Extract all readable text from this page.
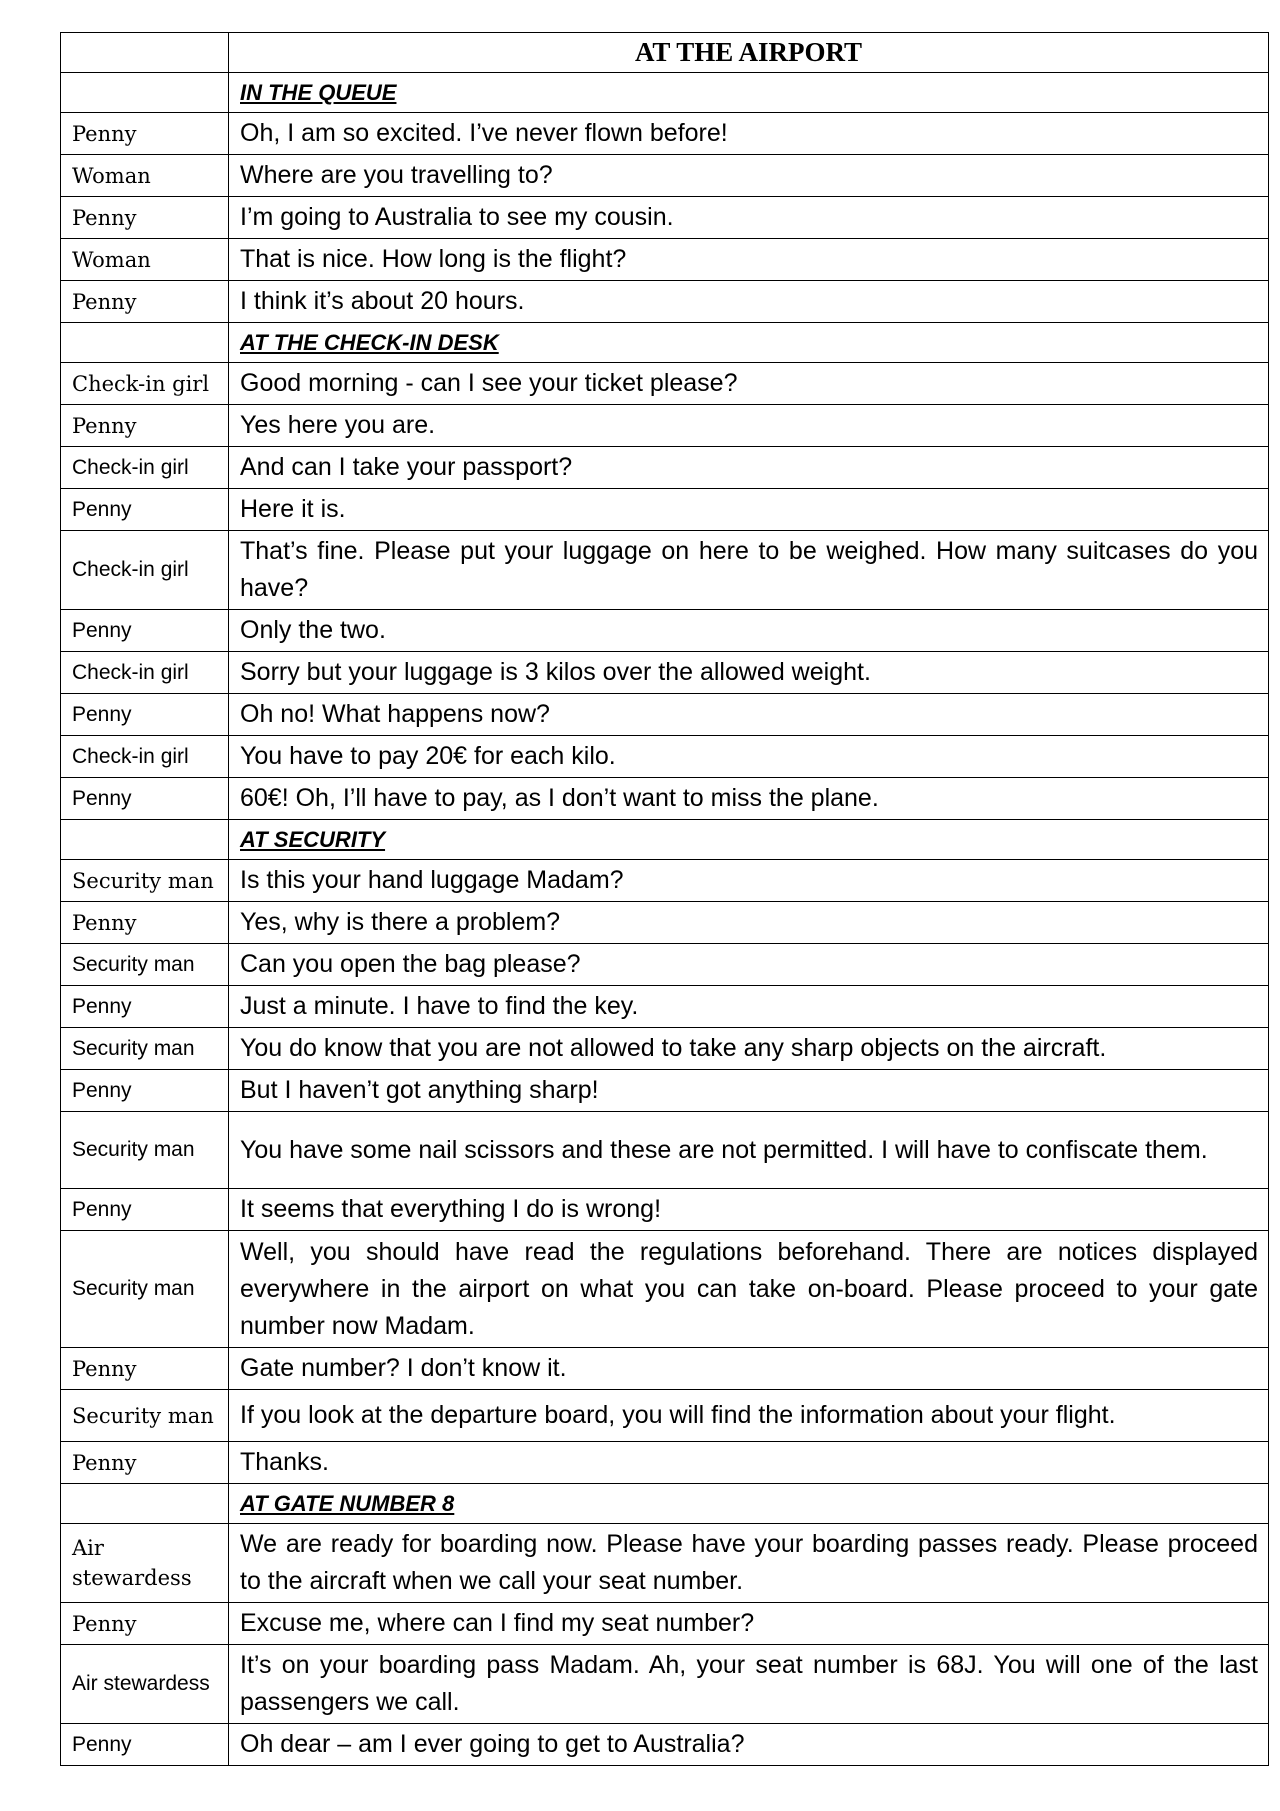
	AT THE AIRPORT
	IN THE QUEUE
Penny	Oh, I am so excited. I’ve never flown before!
Woman	Where are you travelling to?
Penny	I’m going to Australia to see my cousin.
Woman	That is nice. How long is the flight?
Penny	I think it’s about 20 hours.
	AT THE CHECK-IN DESK
Check-in girl	Good morning - can I see your ticket please?
Penny	Yes here you are.
Check-in girl	And can I take your passport?
Penny	Here it is.
Check-in girl	That’s fine. Please put your luggage on here to be weighed. How many suitcases do you have?
Penny	Only the two.
Check-in girl	Sorry but your luggage is 3 kilos over the allowed weight.
Penny	Oh no! What happens now?
Check-in girl	You have to pay 20€ for each kilo.
Penny	60€! Oh, I’ll have to pay, as I don’t want to miss the plane.
	AT SECURITY
Security man	Is this your hand luggage Madam?
Penny	Yes, why is there a problem?
Security man	Can you open the bag please?
Penny	Just a minute. I have to find the key.
Security man	You do know that you are not allowed to take any sharp objects on the aircraft.
Penny	But I haven’t got anything sharp!
Security man	You have some nail scissors and these are not permitted. I will have to confiscate them.
Penny	It seems that everything I do is wrong!
Security man	Well, you should have read the regulations beforehand. There are notices displayed everywhere in the airport on what you can take on-board. Please proceed to your gate number now Madam.
Penny	Gate number? I don’t know it.
Security man	If you look at the departure board, you will find the information about your flight.
Penny	Thanks.
	AT GATE NUMBER 8
Air stewardess	We are ready for boarding now. Please have your boarding passes ready. Please proceed to the aircraft when we call your seat number.
Penny	Excuse me, where can I find my seat number?
Air stewardess	It’s on your boarding pass Madam. Ah, your seat number is 68J. You will one of the last passengers we call.
Penny	Oh dear – am I ever going to get to Australia?
